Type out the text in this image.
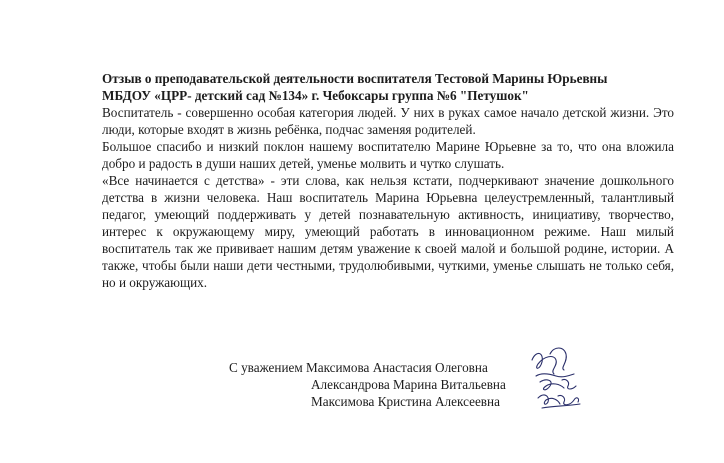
Отзыв о преподавательской деятельности воспитателя Тестовой Марины Юрьевны
МБДОУ «ЦРР- детский сад №134» г. Чебоксары группа №6 "Петушок"

Воспитатель - совершенно особая категория людей. У них в руках самое начало детской жизни. Это люди, которые входят в жизнь ребёнка, подчас заменяя родителей.

Большое спасибо и низкий поклон нашему воспитателю Марине Юрьевне за то, что она вложила добро и радость в души наших детей, уменье молвить и чутко слушать.

«Все начинается с детства» - эти слова, как нельзя кстати, подчеркивают значение дошкольного детства в жизни человека. Наш воспитатель Марина Юрьевна целеустремленный, талантливый педагог, умеющий поддерживать у детей познавательную активность, инициативу, творчество, интерес к окружающему миру, умеющий работать в инновационном режиме. Наш милый воспитатель так же прививает нашим детям уважение к своей малой и большой родине, истории. А также, чтобы были наши дети честными, трудолюбивыми, чуткими, уменье слышать не только себя, но и окружающих.

С уважением Максимова Анастасия Олеговна
Александрова Марина Витальевна
Максимова Кристина Алексеевна
